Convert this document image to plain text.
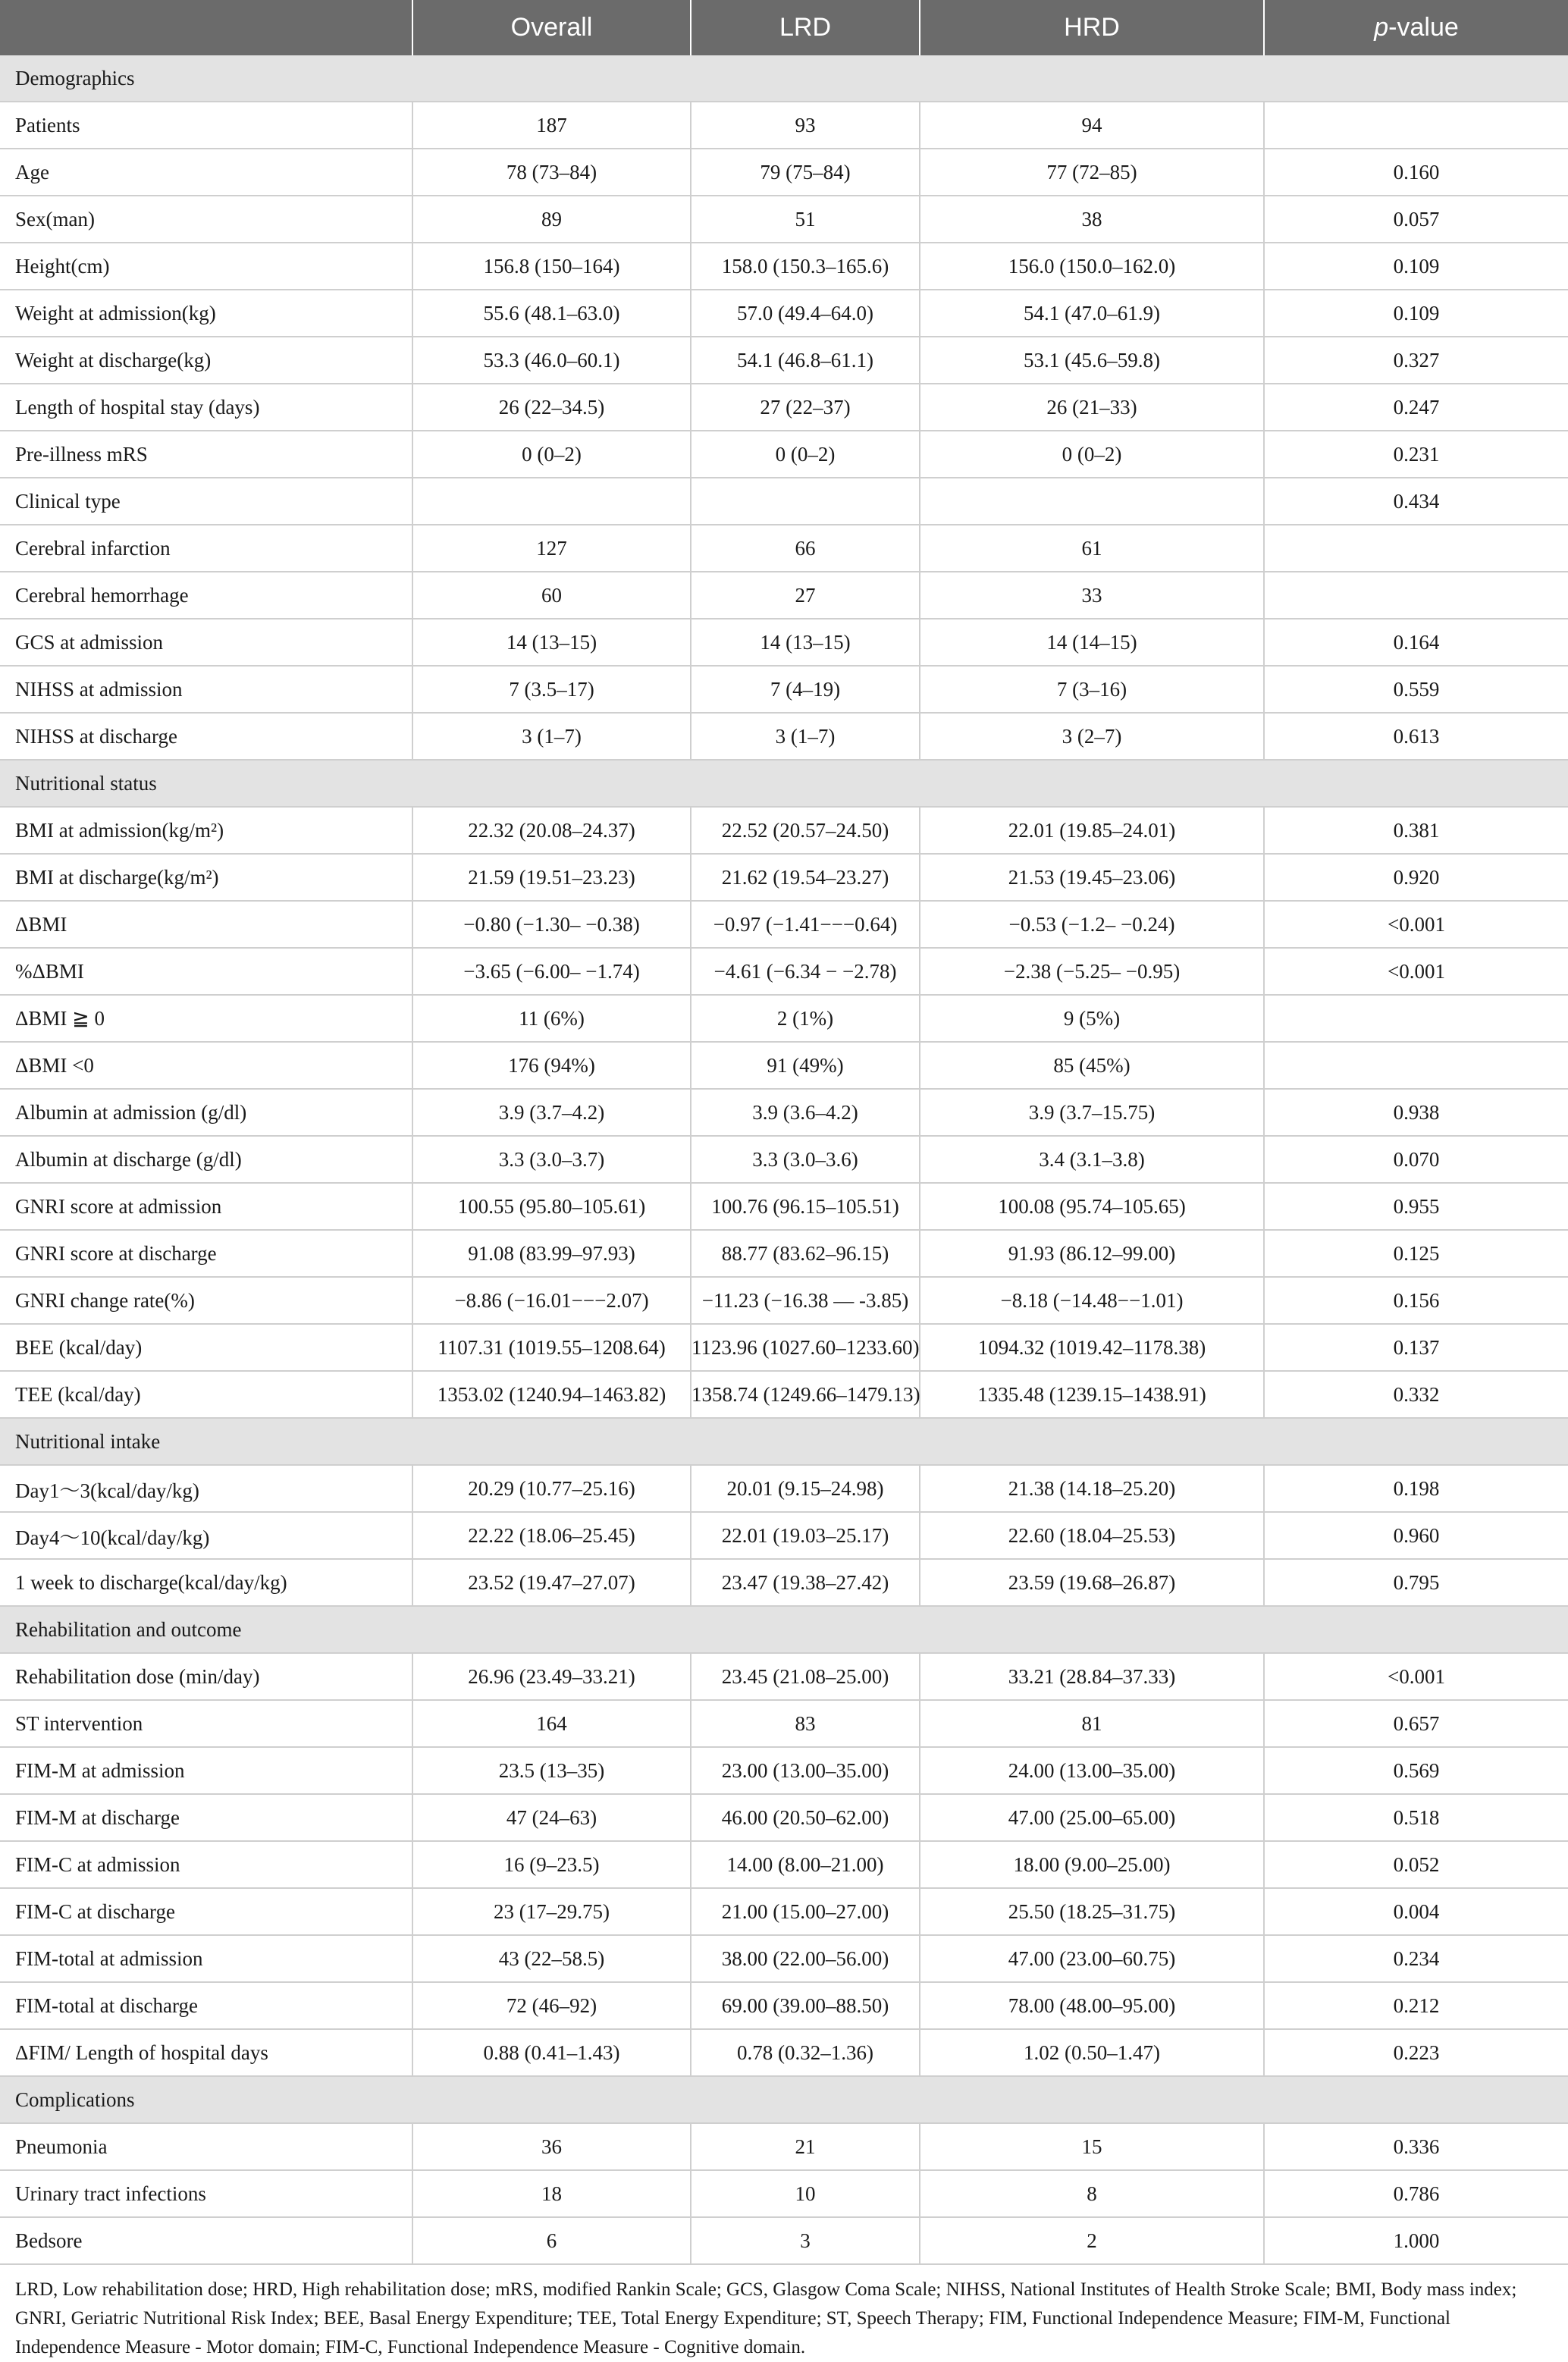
	Overall	LRD	HRD	p-value
Demographics				
Patients	187	93	94	
Age	78 (73–84)	79 (75–84)	77 (72–85)	0.160
Sex(man)	89	51	38	0.057
Height(cm)	156.8 (150–164)	158.0 (150.3–165.6)	156.0 (150.0–162.0)	0.109
Weight at admission(kg)	55.6 (48.1–63.0)	57.0 (49.4–64.0)	54.1 (47.0–61.9)	0.109
Weight at discharge(kg)	53.3 (46.0–60.1)	54.1 (46.8–61.1)	53.1 (45.6–59.8)	0.327
Length of hospital stay (days)	26 (22–34.5)	27 (22–37)	26 (21–33)	0.247
Pre-illness mRS	0 (0–2)	0 (0–2)	0 (0–2)	0.231
Clinical type				0.434
Cerebral infarction	127	66	61	
Cerebral hemorrhage	60	27	33	
GCS at admission	14 (13–15)	14 (13–15)	14 (14–15)	0.164
NIHSS at admission	7 (3.5–17)	7 (4–19)	7 (3–16)	0.559
NIHSS at discharge	3 (1–7)	3 (1–7)	3 (2–7)	0.613
Nutritional status				
BMI at admission(kg/m²)	22.32 (20.08–24.37)	22.52 (20.57–24.50)	22.01 (19.85–24.01)	0.381
BMI at discharge(kg/m²)	21.59 (19.51–23.23)	21.62 (19.54–23.27)	21.53 (19.45–23.06)	0.920
ΔBMI	−0.80 (−1.30– −0.38)	−0.97 (−1.41−−−0.64)	−0.53 (−1.2– −0.24)	<0.001
%ΔBMI	−3.65 (−6.00– −1.74)	−4.61 (−6.34 − −2.78)	−2.38 (−5.25– −0.95)	<0.001
ΔBMI ≧ 0	11 (6%)	2 (1%)	9 (5%)	
ΔBMI <0	176 (94%)	91 (49%)	85 (45%)	
Albumin at admission (g/dl)	3.9 (3.7–4.2)	3.9 (3.6–4.2)	3.9 (3.7–15.75)	0.938
Albumin at discharge (g/dl)	3.3 (3.0–3.7)	3.3 (3.0–3.6)	3.4 (3.1–3.8)	0.070
GNRI score at admission	100.55 (95.80–105.61)	100.76 (96.15–105.51)	100.08 (95.74–105.65)	0.955
GNRI score at discharge	91.08 (83.99–97.93)	88.77 (83.62–96.15)	91.93 (86.12–99.00)	0.125
GNRI change rate(%)	−8.86 (−16.01−−−2.07)	−11.23 (−16.38 — -3.85)	−8.18 (−14.48−−1.01)	0.156
BEE (kcal/day)	1107.31 (1019.55–1208.64)	1123.96 (1027.60–1233.60)	1094.32 (1019.42–1178.38)	0.137
TEE (kcal/day)	1353.02 (1240.94–1463.82)	1358.74 (1249.66–1479.13)	1335.48 (1239.15–1438.91)	0.332
Nutritional intake				
Day1〜3(kcal/day/kg)	20.29 (10.77–25.16)	20.01 (9.15–24.98)	21.38 (14.18–25.20)	0.198
Day4〜10(kcal/day/kg)	22.22 (18.06–25.45)	22.01 (19.03–25.17)	22.60 (18.04–25.53)	0.960
1 week to discharge(kcal/day/kg)	23.52 (19.47–27.07)	23.47 (19.38–27.42)	23.59 (19.68–26.87)	0.795
Rehabilitation and outcome				
Rehabilitation dose (min/day)	26.96 (23.49–33.21)	23.45 (21.08–25.00)	33.21 (28.84–37.33)	<0.001
ST intervention	164	83	81	0.657
FIM-M at admission	23.5 (13–35)	23.00 (13.00–35.00)	24.00 (13.00–35.00)	0.569
FIM-M at discharge	47 (24–63)	46.00 (20.50–62.00)	47.00 (25.00–65.00)	0.518
FIM-C at admission	16 (9–23.5)	14.00 (8.00–21.00)	18.00 (9.00–25.00)	0.052
FIM-C at discharge	23 (17–29.75)	21.00 (15.00–27.00)	25.50 (18.25–31.75)	0.004
FIM-total at admission	43 (22–58.5)	38.00 (22.00–56.00)	47.00 (23.00–60.75)	0.234
FIM-total at discharge	72 (46–92)	69.00 (39.00–88.50)	78.00 (48.00–95.00)	0.212
ΔFIM/ Length of hospital days	0.88 (0.41–1.43)	0.78 (0.32–1.36)	1.02 (0.50–1.47)	0.223
Complications				
Pneumonia	36	21	15	0.336
Urinary tract infections	18	10	8	0.786
Bedsore	6	3	2	1.000
LRD, Low rehabilitation dose; HRD, High rehabilitation dose; mRS, modified Rankin Scale; GCS, Glasgow Coma Scale; NIHSS, National Institutes of Health Stroke Scale; BMI, Body mass index; GNRI, Geriatric Nutritional Risk Index; BEE, Basal Energy Expenditure; TEE, Total Energy Expenditure; ST, Speech Therapy; FIM, Functional Independence Measure; FIM-M, Functional Independence Measure - Motor domain; FIM-C, Functional Independence Measure - Cognitive domain.
